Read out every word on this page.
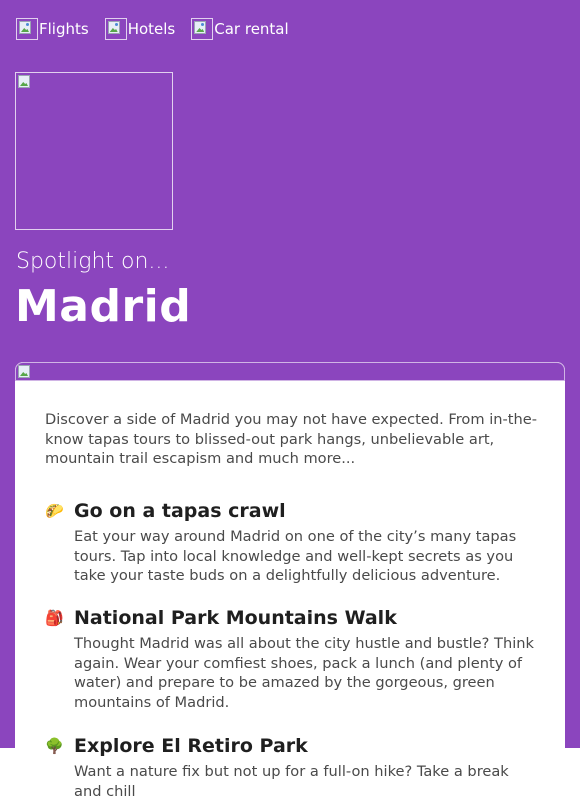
Flights	Hotels	Car rental
Spotlight on...
Madrid
Discover a side of Madrid you may not have expected. From in-the-know tapas tours to blissed-out park hangs, unbelievable art, mountain trail escapism and much more...
🌮 Go on a tapas crawl

Eat your way around Madrid on one of the city’s many tapas tours. Tap into local knowledge and well-kept secrets as you take your taste buds on a delightfully delicious adventure.

🎒 National Park Mountains Walk

Thought Madrid was all about the city hustle and bustle? Think again. Wear your comfiest shoes, pack a lunch (and plenty of water) and prepare to be amazed by the gorgeous, green mountains of Madrid.

🌳 Explore El Retiro Park

Want a nature fix but not up for a full-on hike? Take a break and chill
